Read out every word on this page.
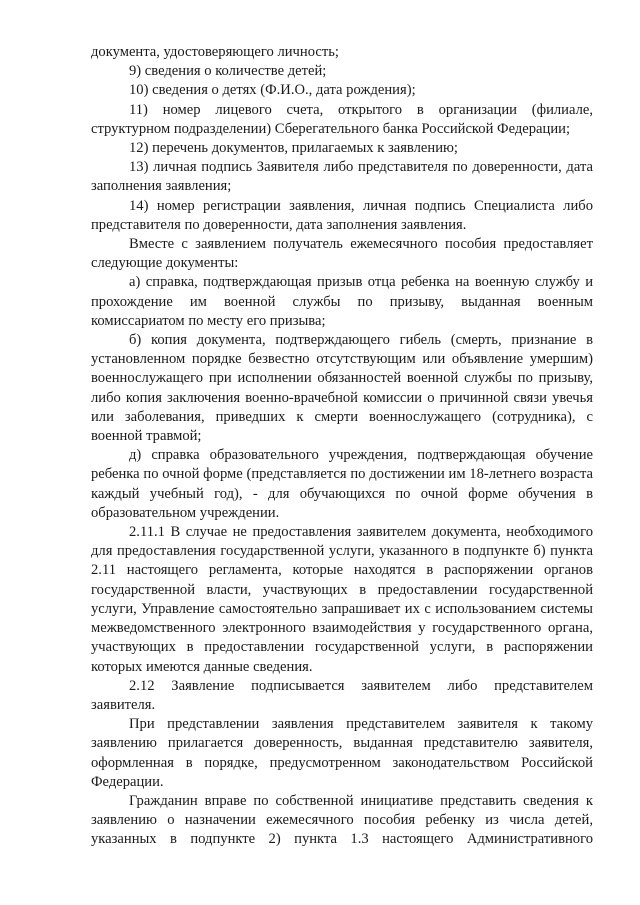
документа, удостоверяющего личность;

9) сведения о количестве детей;

10) сведения о детях (Ф.И.О., дата рождения);

11) номер лицевого счета, открытого в организации (филиале, структурном подразделении) Сберегательного банка Российской Федерации;

12) перечень документов, прилагаемых к заявлению;

13) личная подпись Заявителя либо представителя по доверенности, дата заполнения заявления;

14) номер регистрации заявления, личная подпись Специалиста либо представителя по доверенности, дата заполнения заявления.

Вместе с заявлением получатель ежемесячного пособия предоставляет следующие документы:

а) справка, подтверждающая призыв отца ребенка на военную службу и прохождение им военной службы по призыву, выданная военным комиссариатом по месту его призыва;

б) копия документа, подтверждающего гибель (смерть, признание в установленном порядке безвестно отсутствующим или объявление умершим) военнослужащего при исполнении обязанностей военной службы по призыву, либо копия заключения военно-врачебной комиссии о причинной связи увечья или заболевания, приведших к смерти военнослужащего (сотрудника), с военной травмой;

д) справка образовательного учреждения, подтверждающая обучение ребенка по очной форме (представляется по достижении им 18-летнего возраста каждый учебный год), - для обучающихся по очной форме обучения в образовательном учреждении.

2.11.1 В случае не предоставления заявителем документа, необходимого для предоставления государственной услуги, указанного в подпункте б) пункта 2.11 настоящего регламента, которые находятся в распоряжении органов государственной власти, участвующих в предоставлении государственной услуги, Управление самостоятельно запрашивает их с использованием системы межведомственного электронного взаимодействия у государственного органа, участвующих в предоставлении государственной услуги, в распоряжении которых имеются данные сведения.

2.12 Заявление подписывается заявителем либо представителем заявителя.

При представлении заявления представителем заявителя к такому заявлению прилагается доверенность, выданная представителю заявителя, оформленная в порядке, предусмотренном законодательством Российской Федерации.

Гражданин вправе по собственной инициативе представить сведения к заявлению о назначении ежемесячного пособия ребенку из числа детей, указанных в подпункте 2) пункта 1.3 настоящего Административного
